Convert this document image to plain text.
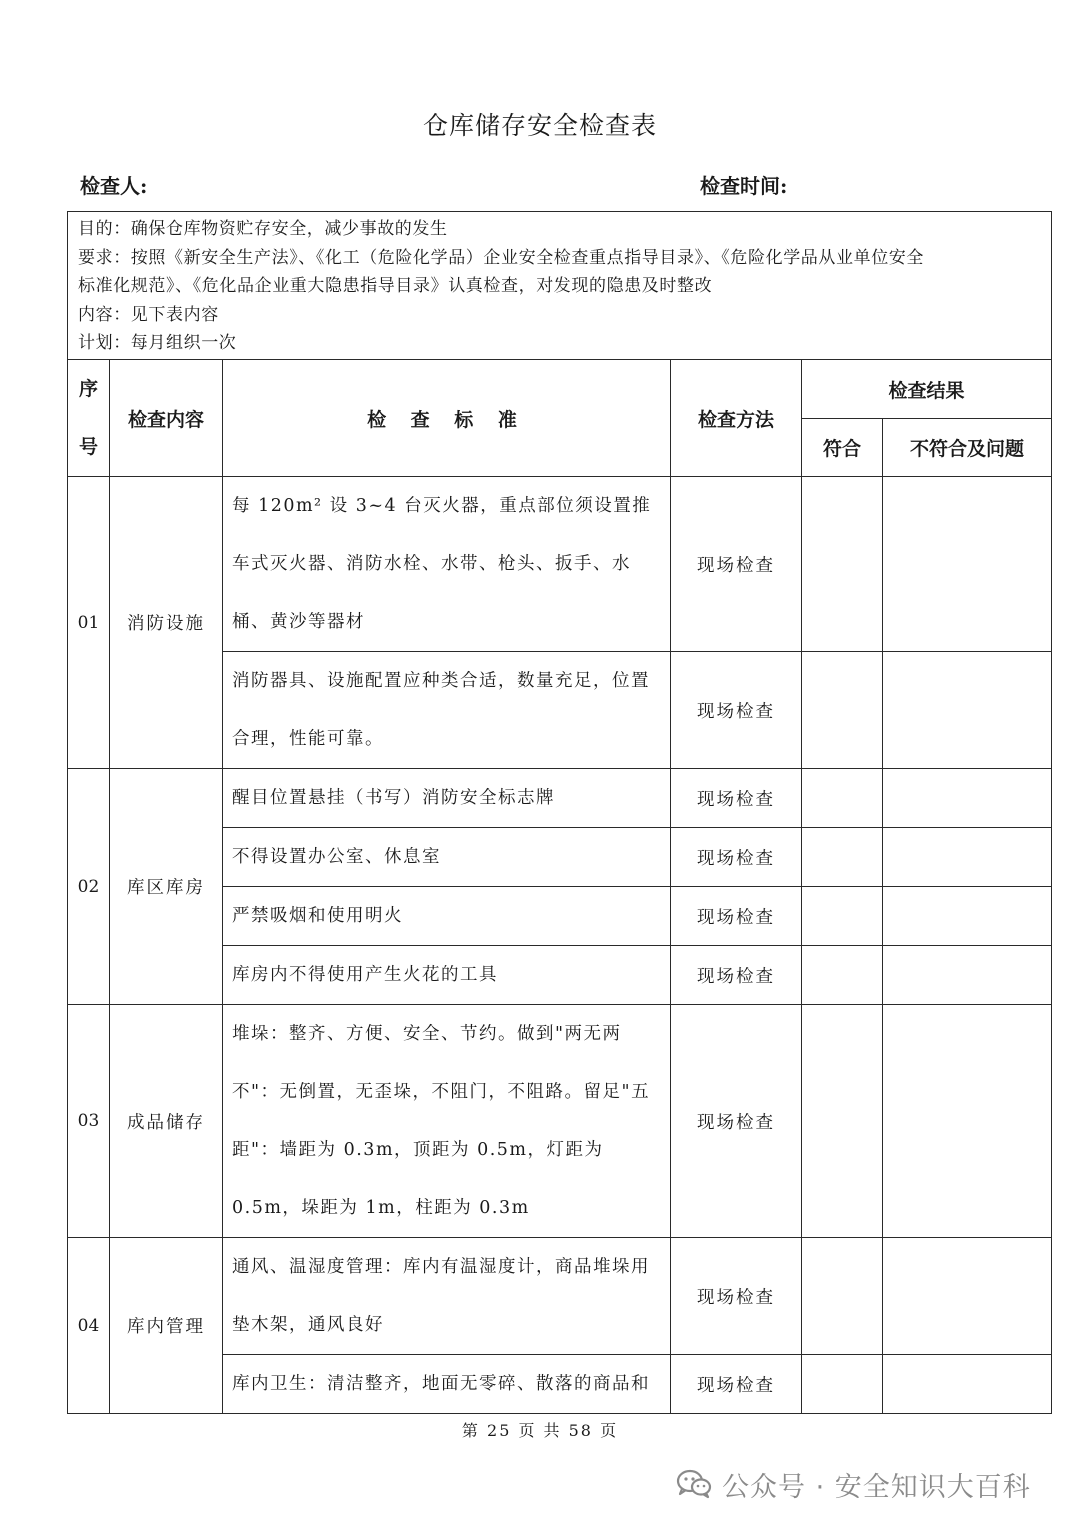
仓库储存安全检查表
检查人:	检查时间:
目的：确保仓库物资贮存安全，减少事故的发生
要求：按照《新安全生产法》、《化工（危险化学品）企业安全检查重点指导目录》、《危险化学品从业单位安全
标准化规范》、《危化品企业重大隐患指导目录》认真检查，对发现的隐患及时整改
内容：见下表内容
计划：每月组织一次					

序
号	检查内容	检 查 标 准	检查方法	检查结果	
				符合	不符合及问题
01	消防设施	每 120m² 设 3~4 台灭火器，重点部位须设置推车式灭火器、消防水栓、水带、枪头、扳手、水桶、黄沙等器材	现场检查		
		消防器具、设施配置应种类合适，数量充足，位置合理，性能可靠。	现场检查		
02	库区库房	醒目位置悬挂（书写）消防安全标志牌	现场检查		
		不得设置办公室、休息室	现场检查		
		严禁吸烟和使用明火	现场检查		
		库房内不得使用产生火花的工具	现场检查		
03	成品储存	堆垛：整齐、方便、安全、节约。做到"两无两不"：无倒置，无歪垛，不阻门，不阻路。留足"五距"：墙距为 0.3m，顶距为 0.5m，灯距为 0.5m，垛距为 1m，柱距为 0.3m	现场检查		
04	库内管理	通风、温湿度管理：库内有温湿度计，商品堆垛用垫木架，通风良好	现场检查		
		库内卫生：清洁整齐，地面无零碎、散落的商品和	现场检查		
第 25 页 共 58 页
公众号 · 安全知识大百科
